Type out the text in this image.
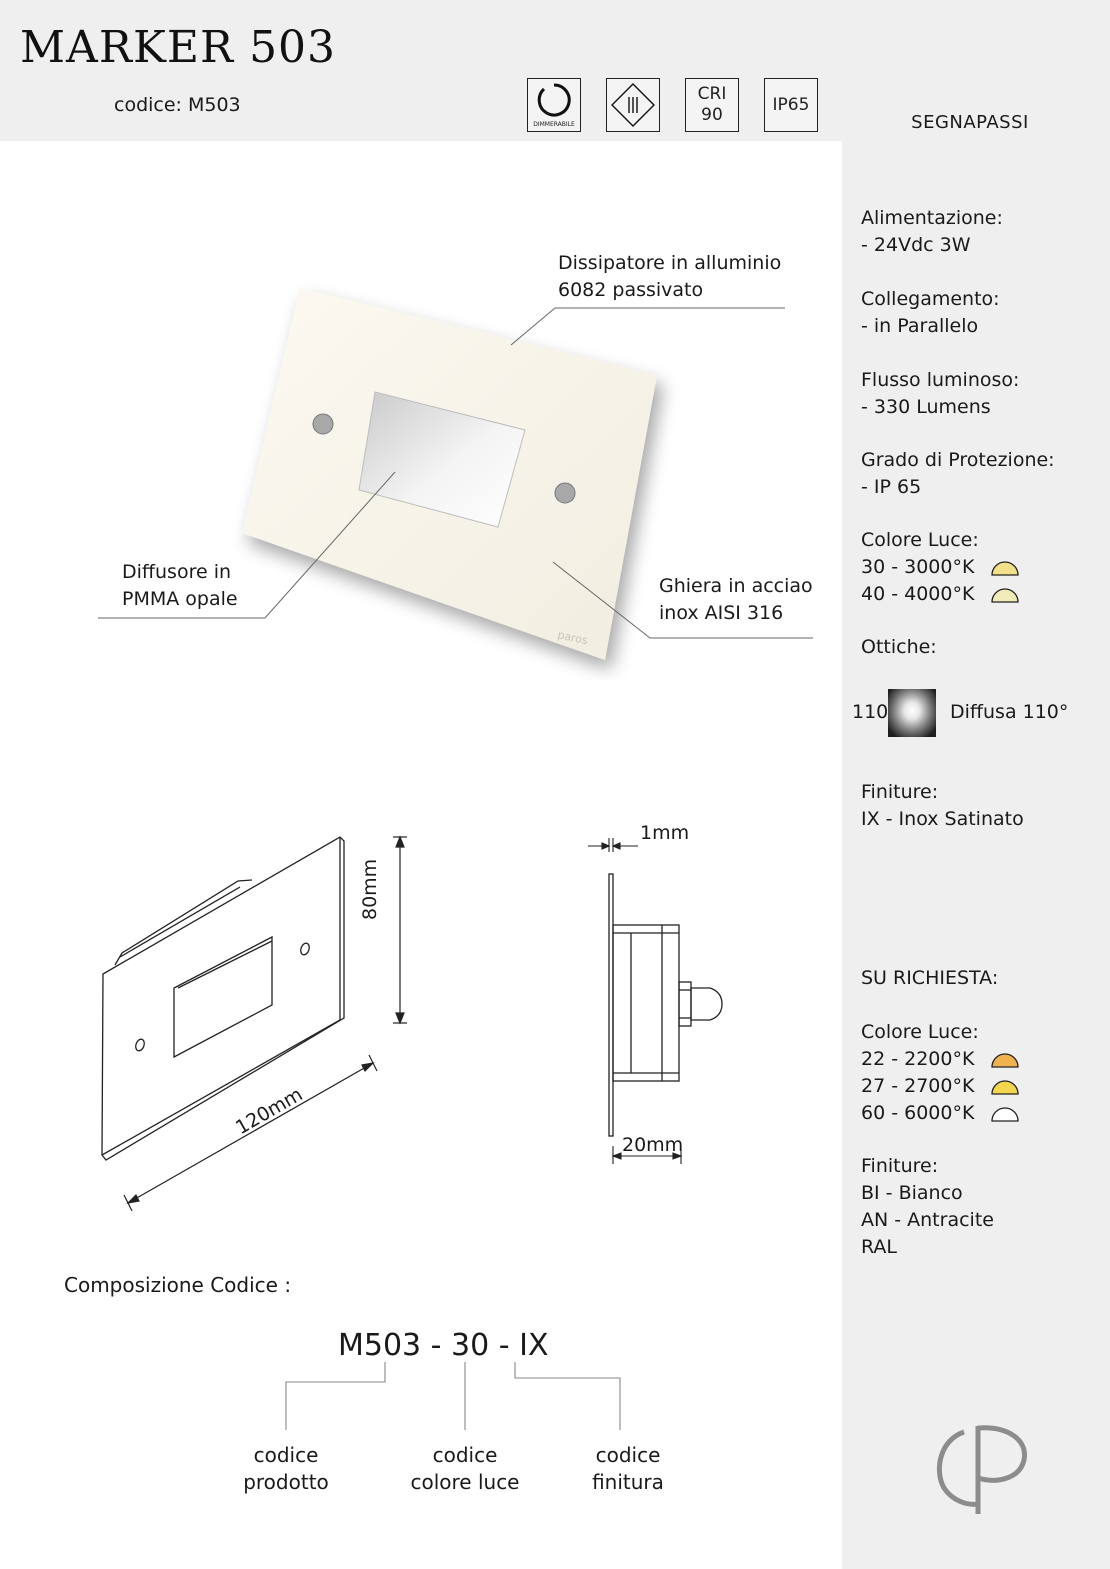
MARKER 503
codice: M503
DIMMERABILE
CRI
90
IP65
SEGNAPASSI
paros
Dissipatore in alluminio
6082 passivato
Diffusore in
PMMA opale
Ghiera in acciao
inox AISI 316
80mm
120mm
1mm
20mm
Alimentazione:
- 24Vdc 3W
Collegamento:
- in Parallelo
Flusso luminoso:
- 330 Lumens
Grado di Protezione:
- IP 65
Colore Luce:
30 - 3000°K
40 - 4000°K
Ottiche:
110	Diffusa 110°
Finiture:
IX - Inox Satinato
SU RICHIESTA:
Colore Luce:
22 - 2200°K
27 - 2700°K
60 - 6000°K
Finiture:
BI - Bianco
AN - Antracite
RAL
Composizione Codice :
M503 - 30 - IX
codice
prodotto
codice
colore luce
codice
finitura
